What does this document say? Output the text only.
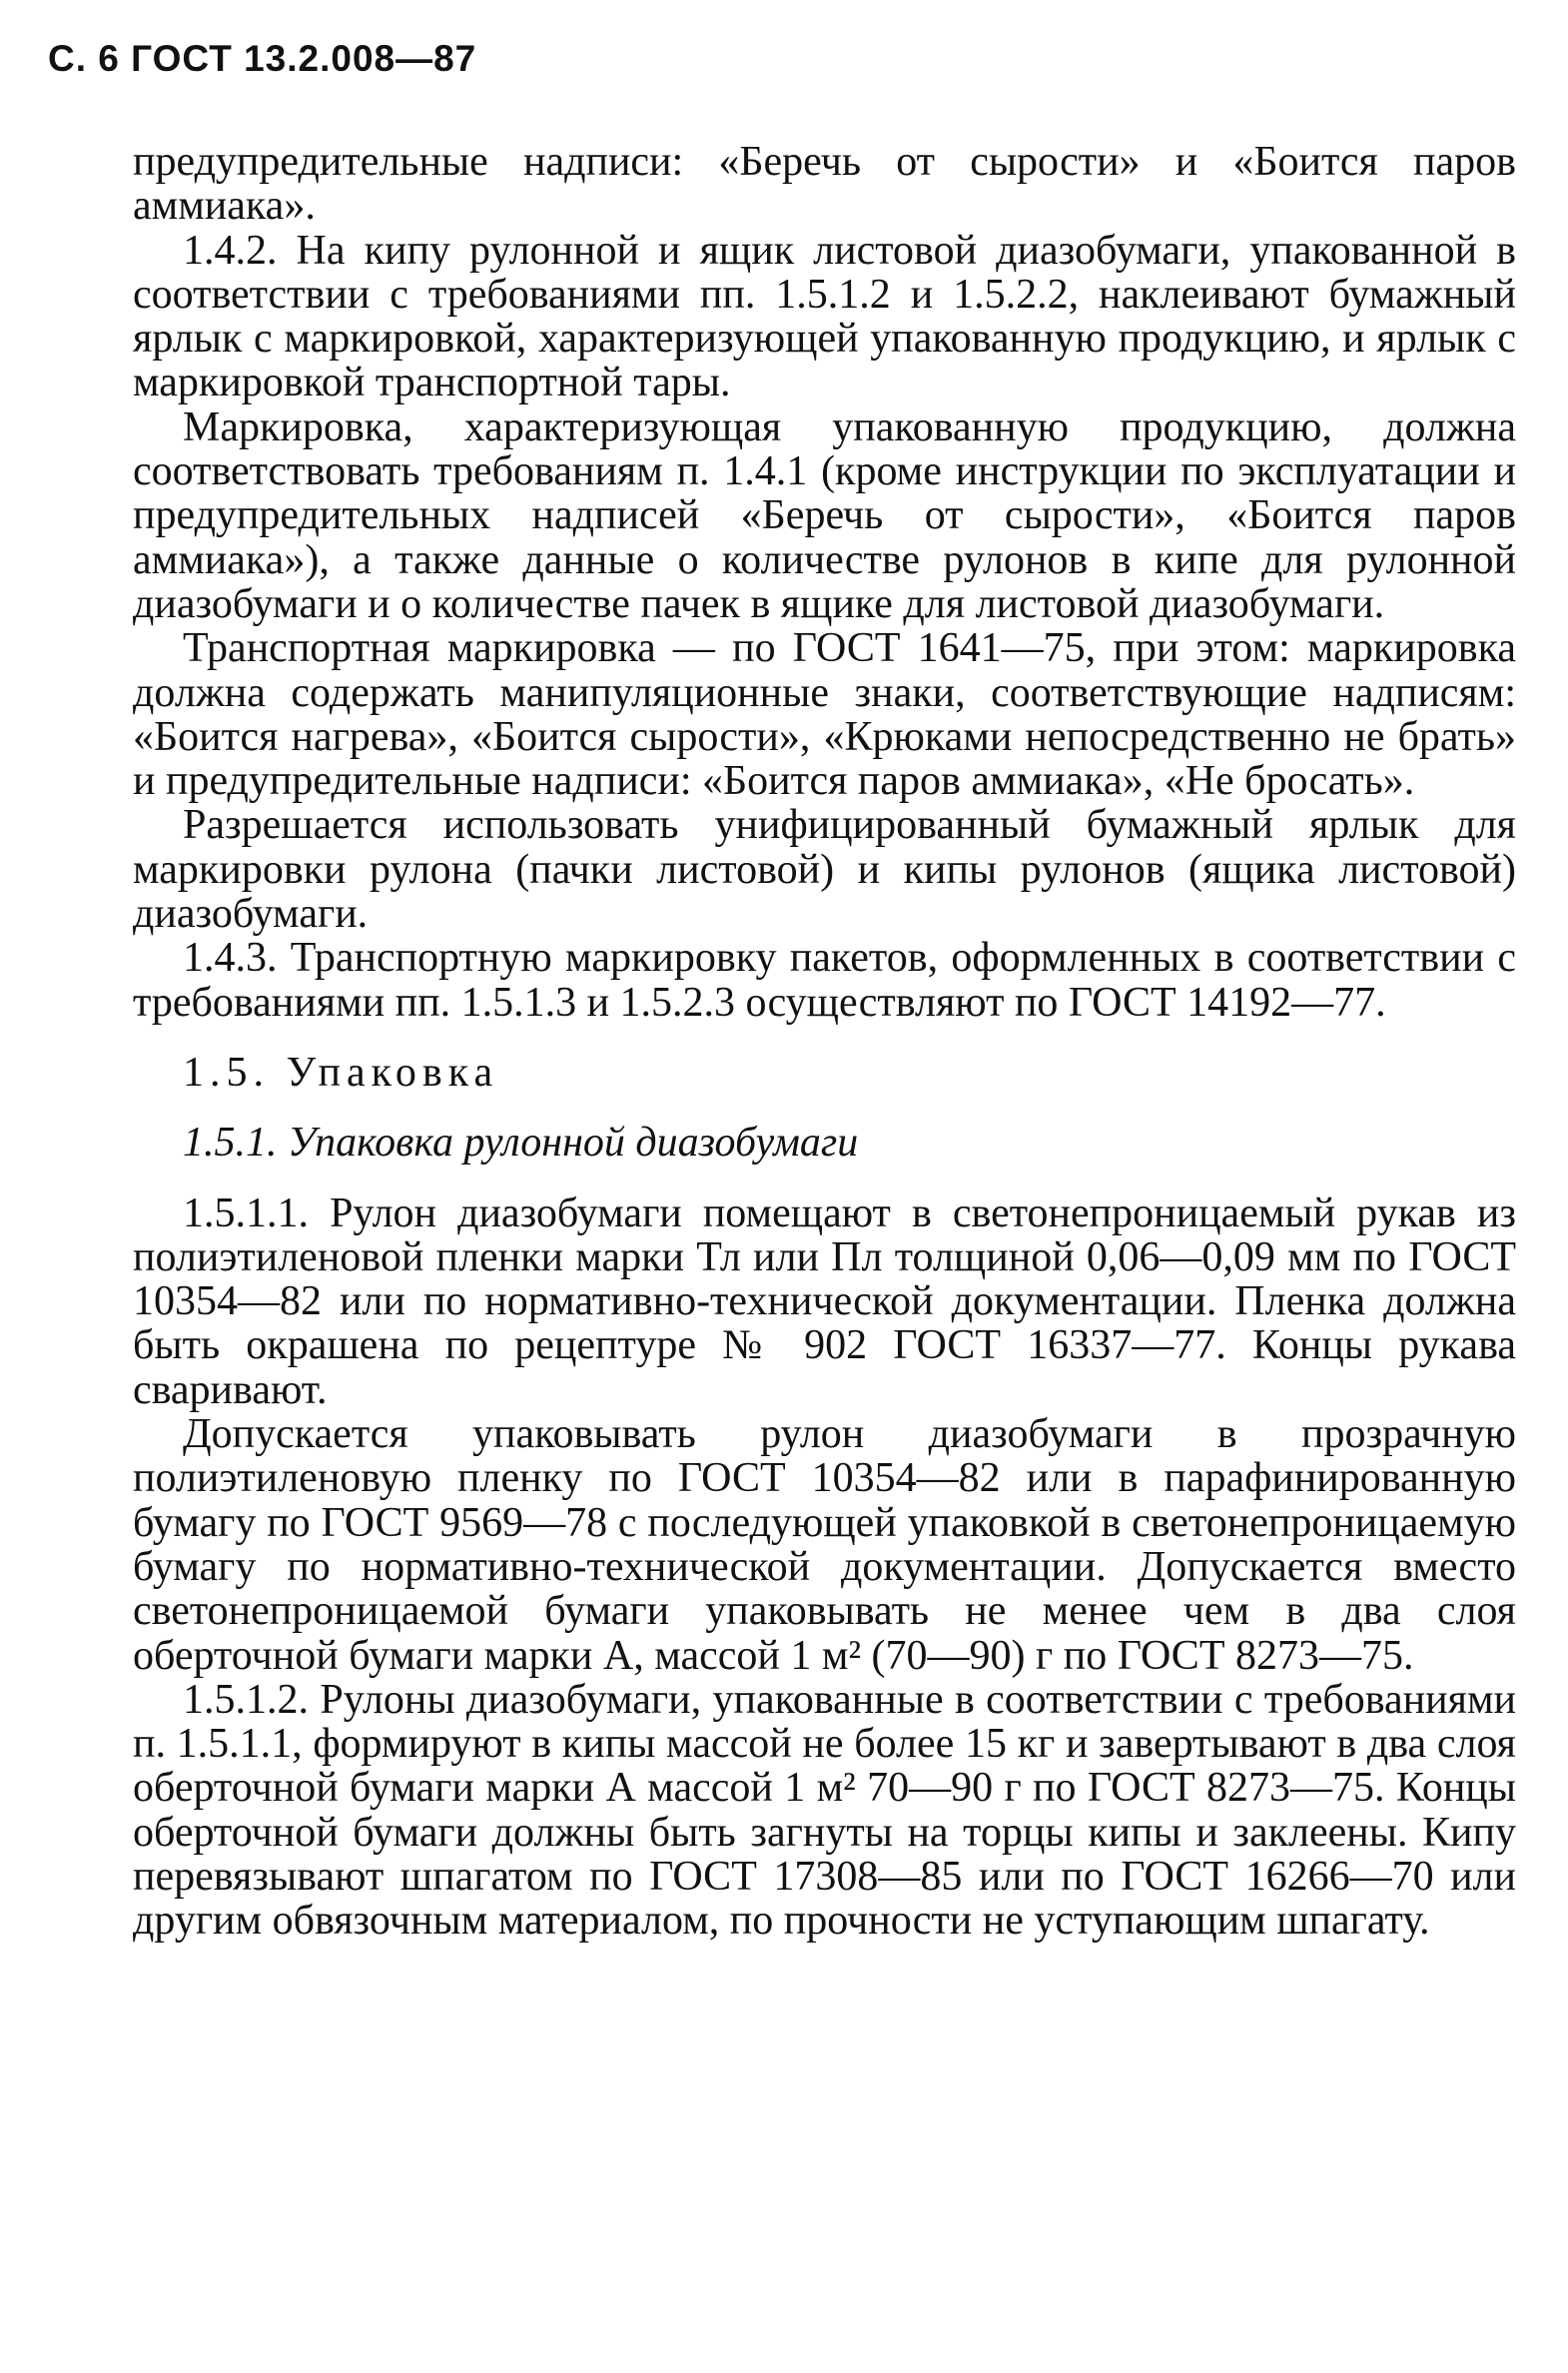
С. 6 ГОСТ 13.2.008—87

предупредительные надписи: «Беречь от сырости» и «Боится паров аммиака».

1.4.2. На кипу рулонной и ящик листовой диазобумаги, упакованной в соответствии с требованиями пп. 1.5.1.2 и 1.5.2.2, наклеивают бумажный ярлык с маркировкой, характеризующей упакованную продукцию, и ярлык с маркировкой транспортной тары.

Маркировка, характеризующая упакованную продукцию, должна соответствовать требованиям п. 1.4.1 (кроме инструкции по эксплуатации и предупредительных надписей «Беречь от сырости», «Боится паров аммиака»), а также данные о количестве рулонов в кипе для рулонной диазобумаги и о количестве пачек в ящике для листовой диазобумаги.

Транспортная маркировка — по ГОСТ 1641—75, при этом: маркировка должна содержать манипуляционные знаки, соответствующие надписям: «Боится нагрева», «Боится сырости», «Крюками непосредственно не брать» и предупредительные надписи: «Боится паров аммиака», «Не бросать».

Разрешается использовать унифицированный бумажный ярлык для маркировки рулона (пачки листовой) и кипы рулонов (ящика листовой) диазобумаги.

1.4.3. Транспортную маркировку пакетов, оформленных в соответствии с требованиями пп. 1.5.1.3 и 1.5.2.3 осуществляют по ГОСТ 14192—77.

1.5. Упаковка

1.5.1. Упаковка рулонной диазобумаги

1.5.1.1. Рулон диазобумаги помещают в светонепроницаемый рукав из полиэтиленовой пленки марки Тл или Пл толщиной 0,06—0,09 мм по ГОСТ 10354—82 или по нормативно-технической документации. Пленка должна быть окрашена по рецептуре № 902 ГОСТ 16337—77. Концы рукава сваривают.

Допускается упаковывать рулон диазобумаги в прозрачную полиэтиленовую пленку по ГОСТ 10354—82 или в парафинированную бумагу по ГОСТ 9569—78 с последующей упаковкой в светонепроницаемую бумагу по нормативно-технической документации. Допускается вместо светонепроницаемой бумаги упаковывать не менее чем в два слоя оберточной бумаги марки А, массой 1 м² (70—90) г по ГОСТ 8273—75.

1.5.1.2. Рулоны диазобумаги, упакованные в соответствии с требованиями п. 1.5.1.1, формируют в кипы массой не более 15 кг и завертывают в два слоя оберточной бумаги марки А массой 1 м² 70—90 г по ГОСТ 8273—75. Концы оберточной бумаги должны быть загнуты на торцы кипы и заклеены. Кипу перевязывают шпагатом по ГОСТ 17308—85 или по ГОСТ 16266—70 или другим обвязочным материалом, по прочности не уступающим шпагату.
